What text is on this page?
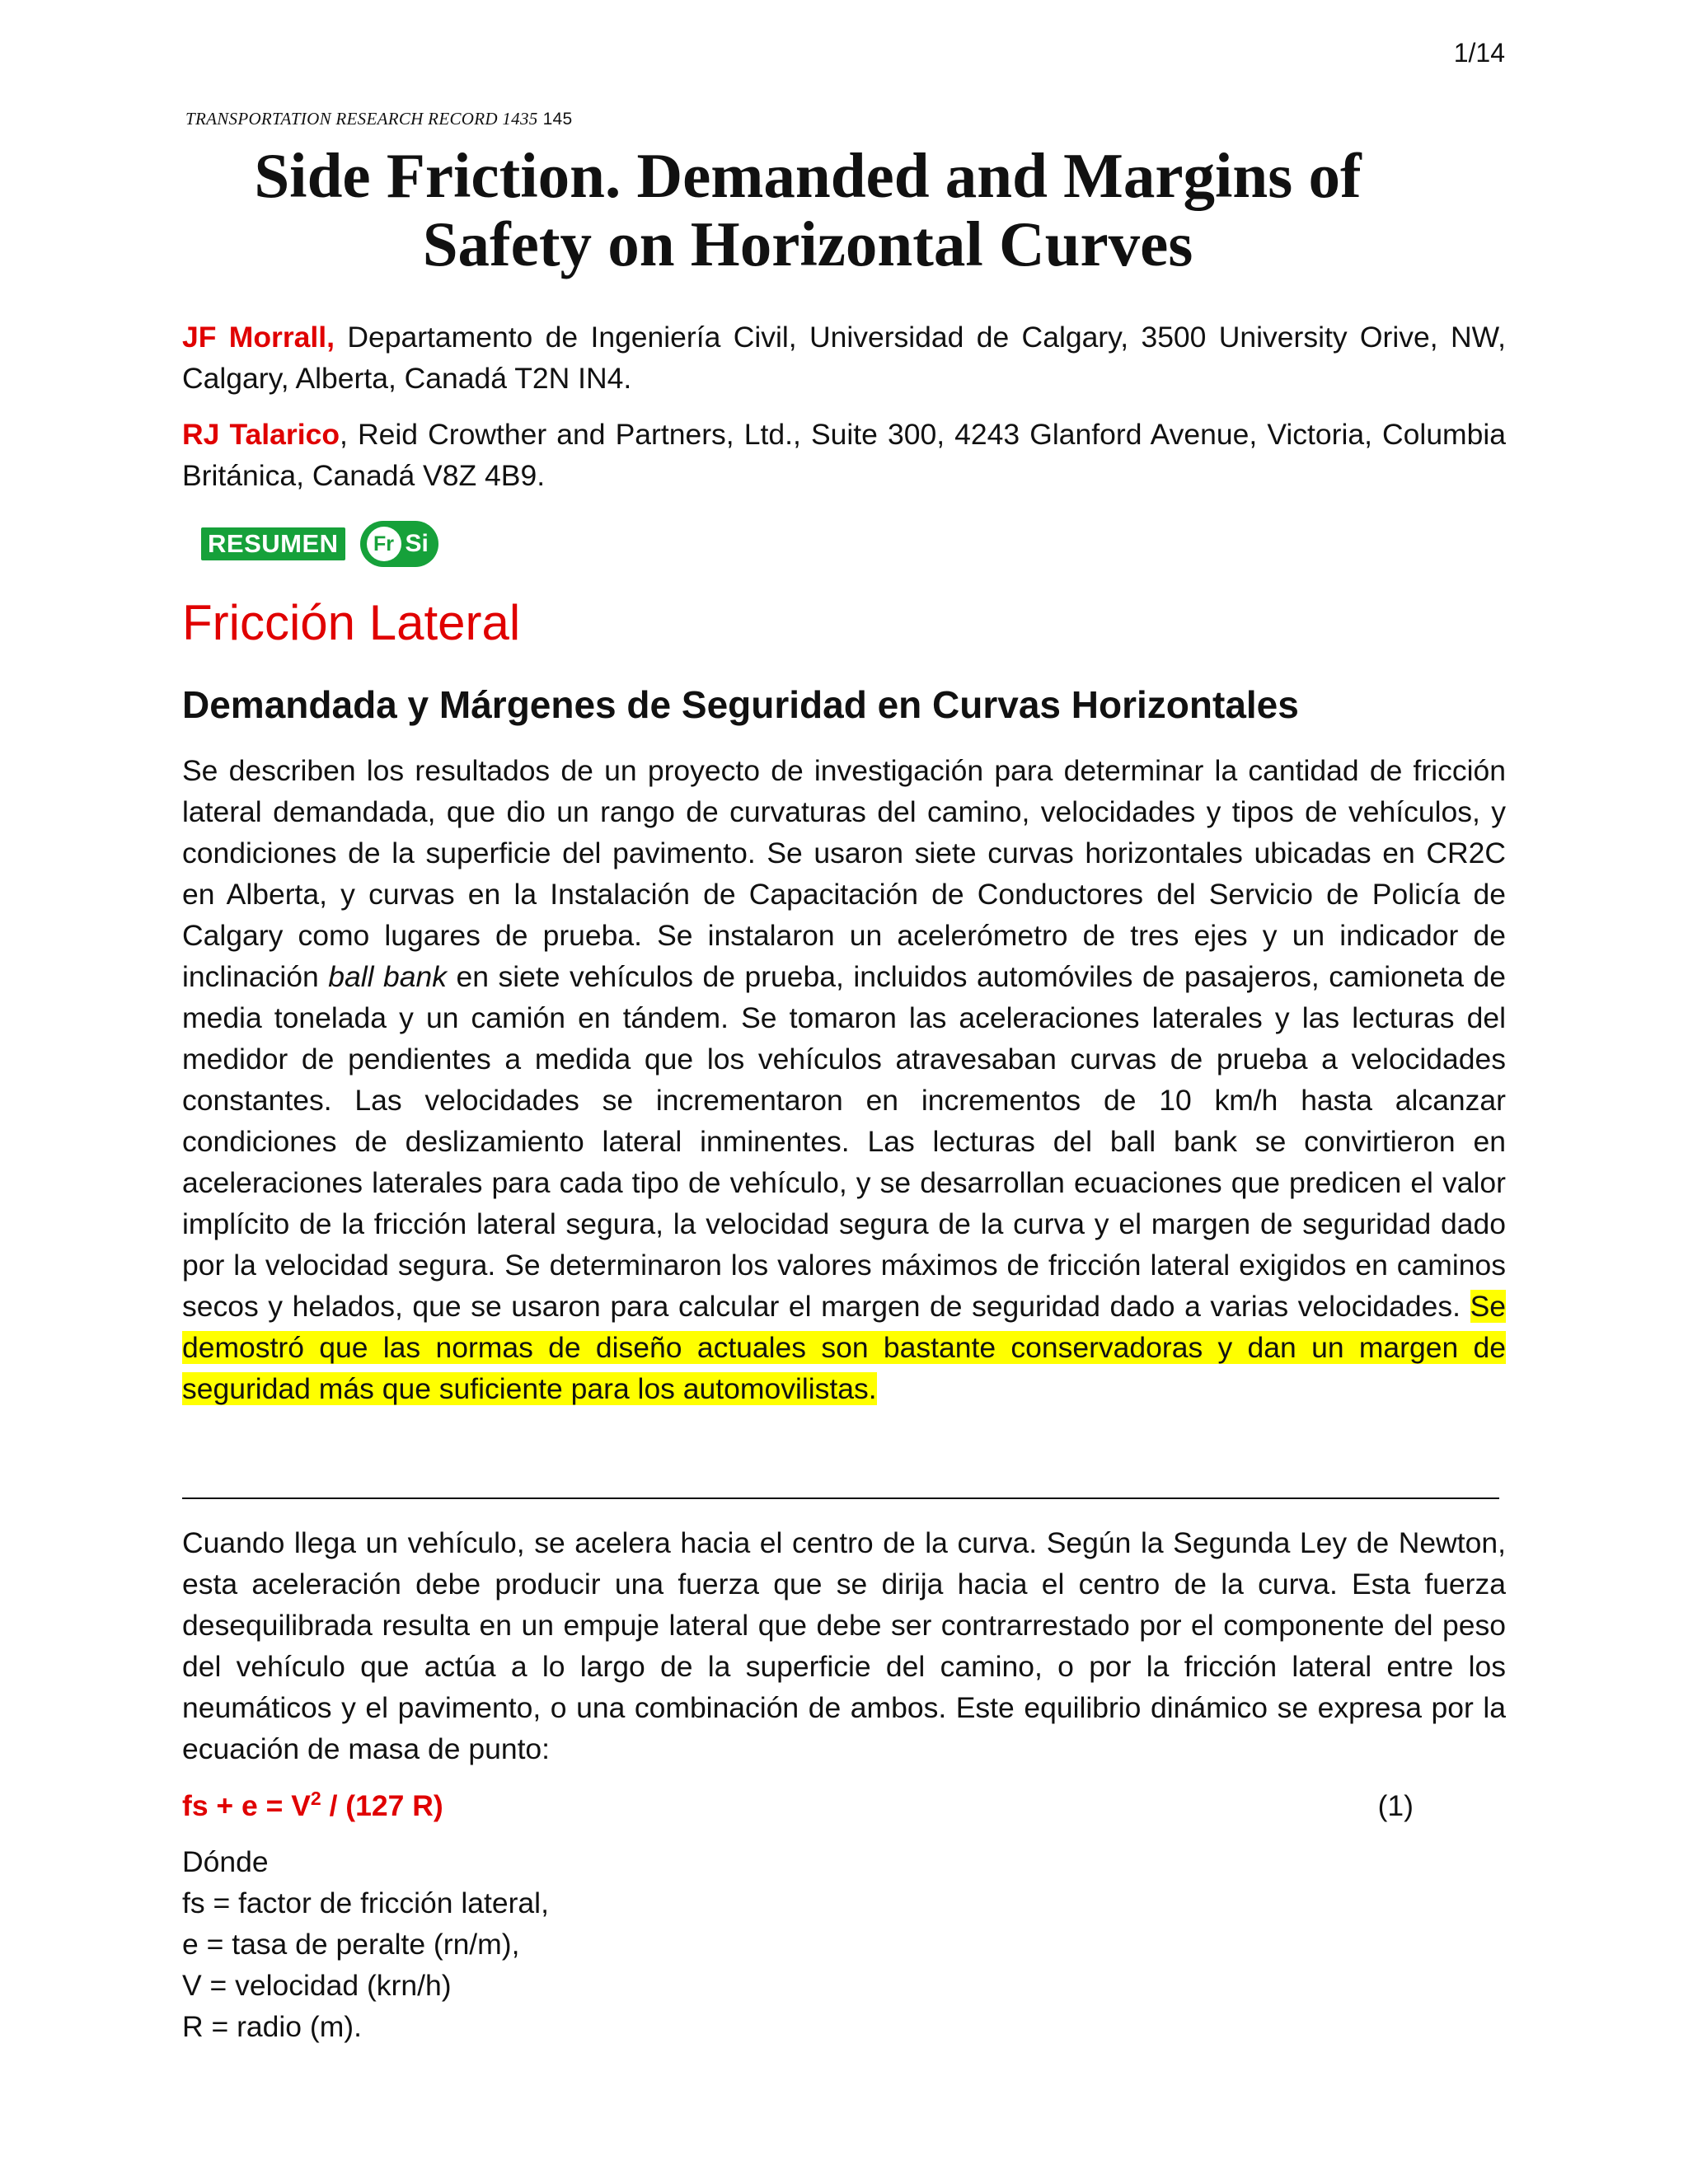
1/14
TRANSPORTATION RESEARCH RECORD 1435 145
Side Friction. Demanded and Margins of
Safety on Horizontal Curves
JF Morrall, Departamento de Ingeniería Civil, Universidad de Calgary, 3500 University Orive, NW, Calgary, Alberta, Canadá T2N IN4.
RJ Talarico, Reid Crowther and Partners, Ltd., Suite 300, 4243 Glanford Avenue, Victoria, Columbia Británica, Canadá V8Z 4B9.
RESUMEN	Fr Si
Fricción Lateral
Demandada y Márgenes de Seguridad en Curvas Horizontales

Se describen los resultados de un proyecto de investigación para determinar la cantidad de fricción lateral demandada, que dio un rango de curvaturas del camino, velocidades y tipos de vehículos, y condiciones de la superficie del pavimento. Se usaron siete curvas horizontales ubicadas en CR2C en Alberta, y curvas en la Instalación de Capacitación de Conductores del Servicio de Policía de Calgary como lugares de prueba. Se instalaron un acelerómetro de tres ejes y un indicador de inclinación ball bank en siete vehículos de prueba, incluidos automóviles de pasajeros, camioneta de media tonelada y un camión en tándem. Se tomaron las aceleraciones laterales y las lecturas del medidor de pendientes a medida que los vehículos atravesaban curvas de prueba a velocidades constantes. Las velocidades se incrementaron en incrementos de 10 km/h hasta alcanzar condiciones de deslizamiento lateral inminentes. Las lecturas del ball bank se convirtieron en aceleraciones laterales para cada tipo de vehículo, y se desarrollan ecuaciones que predicen el valor implícito de la fricción lateral segura, la velocidad segura de la curva y el margen de seguridad dado por la velocidad segura. Se determinaron los valores máximos de fricción lateral exigidos en caminos secos y helados, que se usaron para calcular el margen de seguridad dado a varias velocidades. Se demostró que las normas de diseño actuales son bastante conservadoras y dan un margen de seguridad más que suficiente para los automovilistas.

Cuando llega un vehículo, se acelera hacia el centro de la curva. Según la Segunda Ley de Newton, esta aceleración debe producir una fuerza que se dirija hacia el centro de la curva. Esta fuerza desequilibrada resulta en un empuje lateral que debe ser contrarrestado por el componente del peso del vehículo que actúa a lo largo de la superficie del camino, o por la fricción lateral entre los neumáticos y el pavimento, o una combinación de ambos. Este equilibrio dinámico se expresa por la ecuación de masa de punto:

fs + $e = V^2 / (127$ R)	(1)
Dónde
fs = factor de fricción lateral,
e = tasa de peralte (rn/m),
V = velocidad (krn/h)
R = radio (m).
